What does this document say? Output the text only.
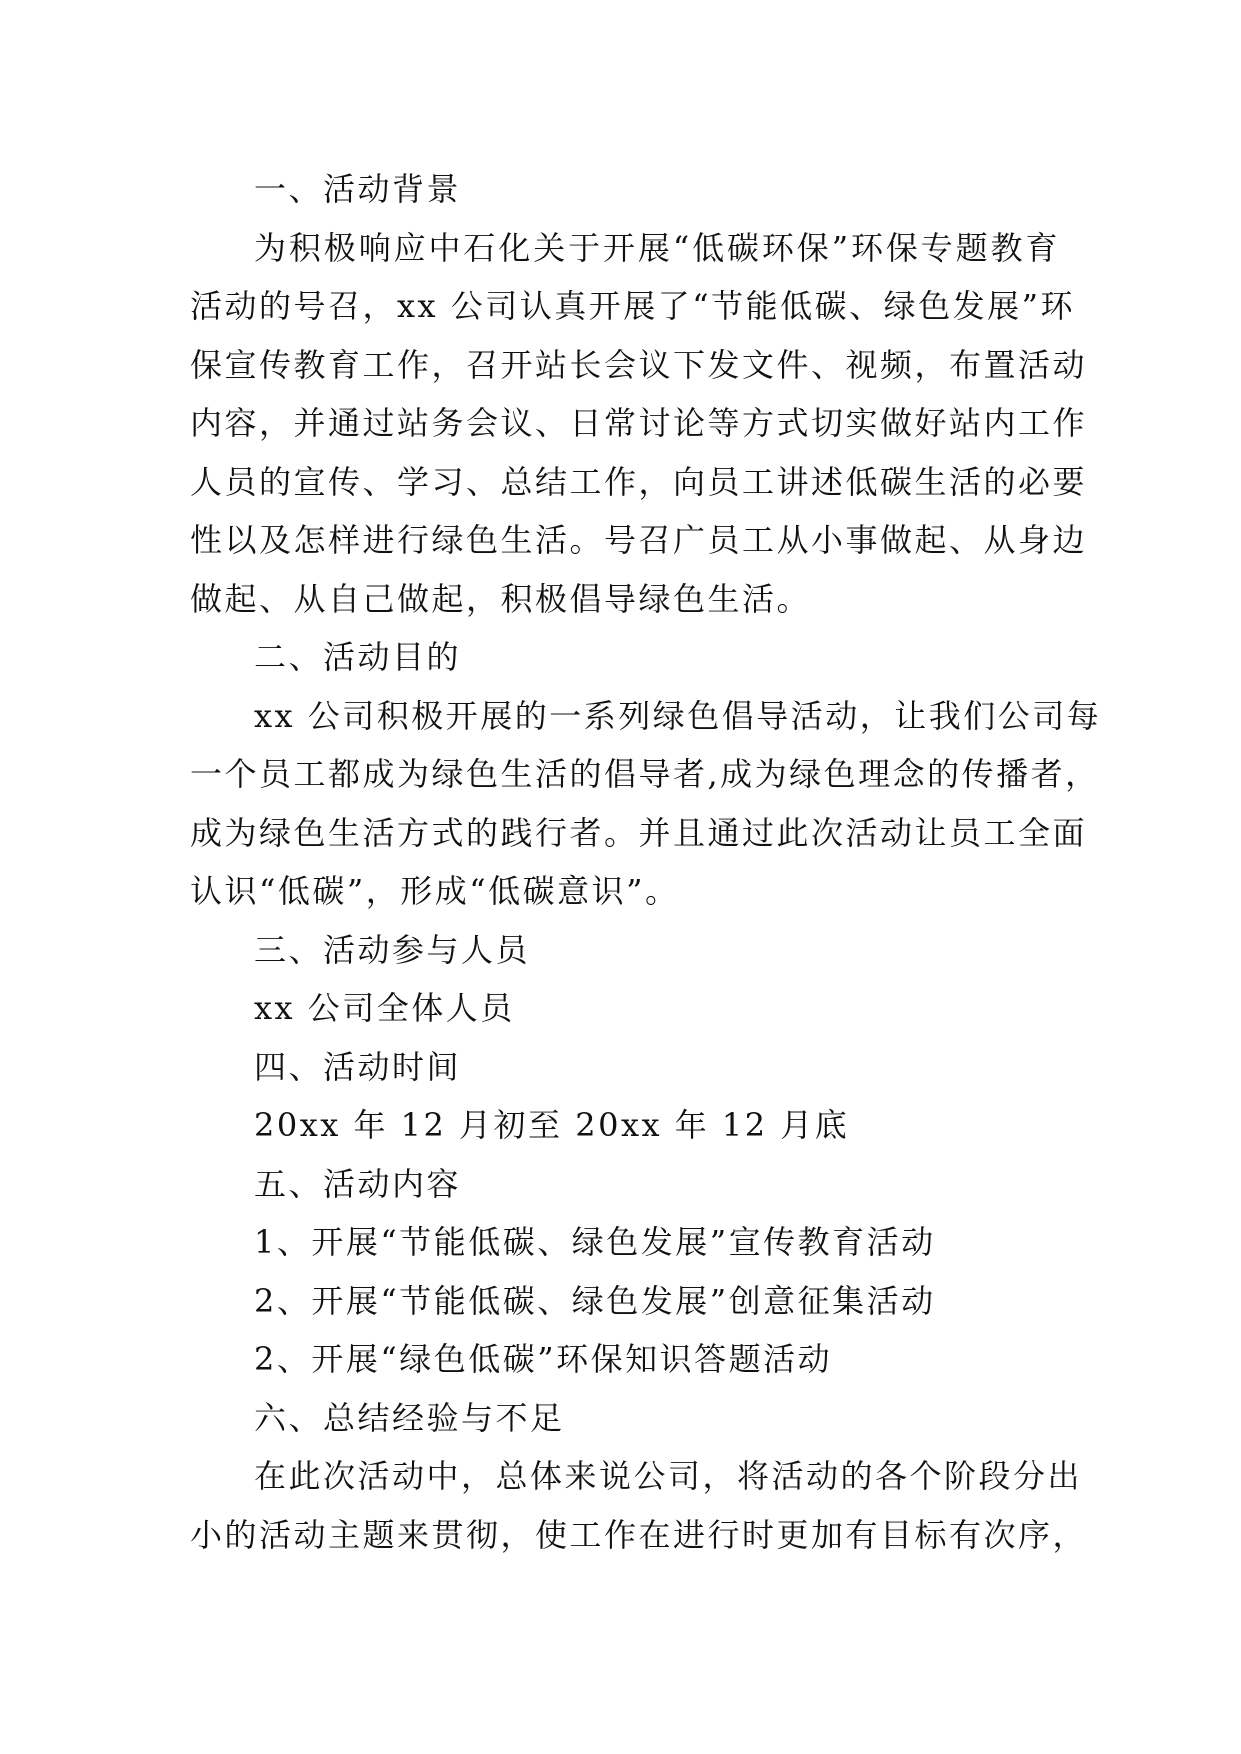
一、活动背景
为积极响应中石化关于开展“低碳环保”环保专题教育
活动的号召，xx 公司认真开展了“节能低碳、绿色发展”环
保宣传教育工作，召开站长会议下发文件、视频，布置活动
内容，并通过站务会议、日常讨论等方式切实做好站内工作
人员的宣传、学习、总结工作，向员工讲述低碳生活的必要
性以及怎样进行绿色生活。号召广员工从小事做起、从身边
做起、从自己做起，积极倡导绿色生活。
二、活动目的
xx 公司积极开展的一系列绿色倡导活动，让我们公司每
一个员工都成为绿色生活的倡导者,成为绿色理念的传播者，
成为绿色生活方式的践行者。并且通过此次活动让员工全面
认识“低碳”，形成“低碳意识”。
三、活动参与人员
xx 公司全体人员
四、活动时间
20xx 年 12 月初至 20xx 年 12 月底
五、活动内容
1、开展“节能低碳、绿色发展”宣传教育活动
2、开展“节能低碳、绿色发展”创意征集活动
2、开展“绿色低碳”环保知识答题活动
六、总结经验与不足
在此次活动中，总体来说公司，将活动的各个阶段分出
小的活动主题来贯彻，使工作在进行时更加有目标有次序，
